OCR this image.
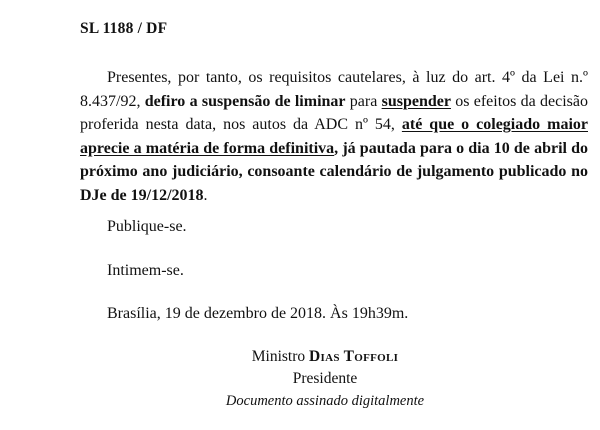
SL 1188 / DF
Presentes, por tanto, os requisitos cautelares, à luz do art. 4º da Lei n.º 8.437/92, defiro a suspensão de liminar para suspender os efeitos da decisão proferida nesta data, nos autos da ADC nº 54, até que o colegiado maior aprecie a matéria de forma definitiva, já pautada para o dia 10 de abril do próximo ano judiciário, consoante calendário de julgamento publicado no DJe de 19/12/2018.
Publique-se.
Intimem-se.
Brasília, 19 de dezembro de 2018. Às 19h39m.
Ministro Dias Toffoli
Presidente
Documento assinado digitalmente
